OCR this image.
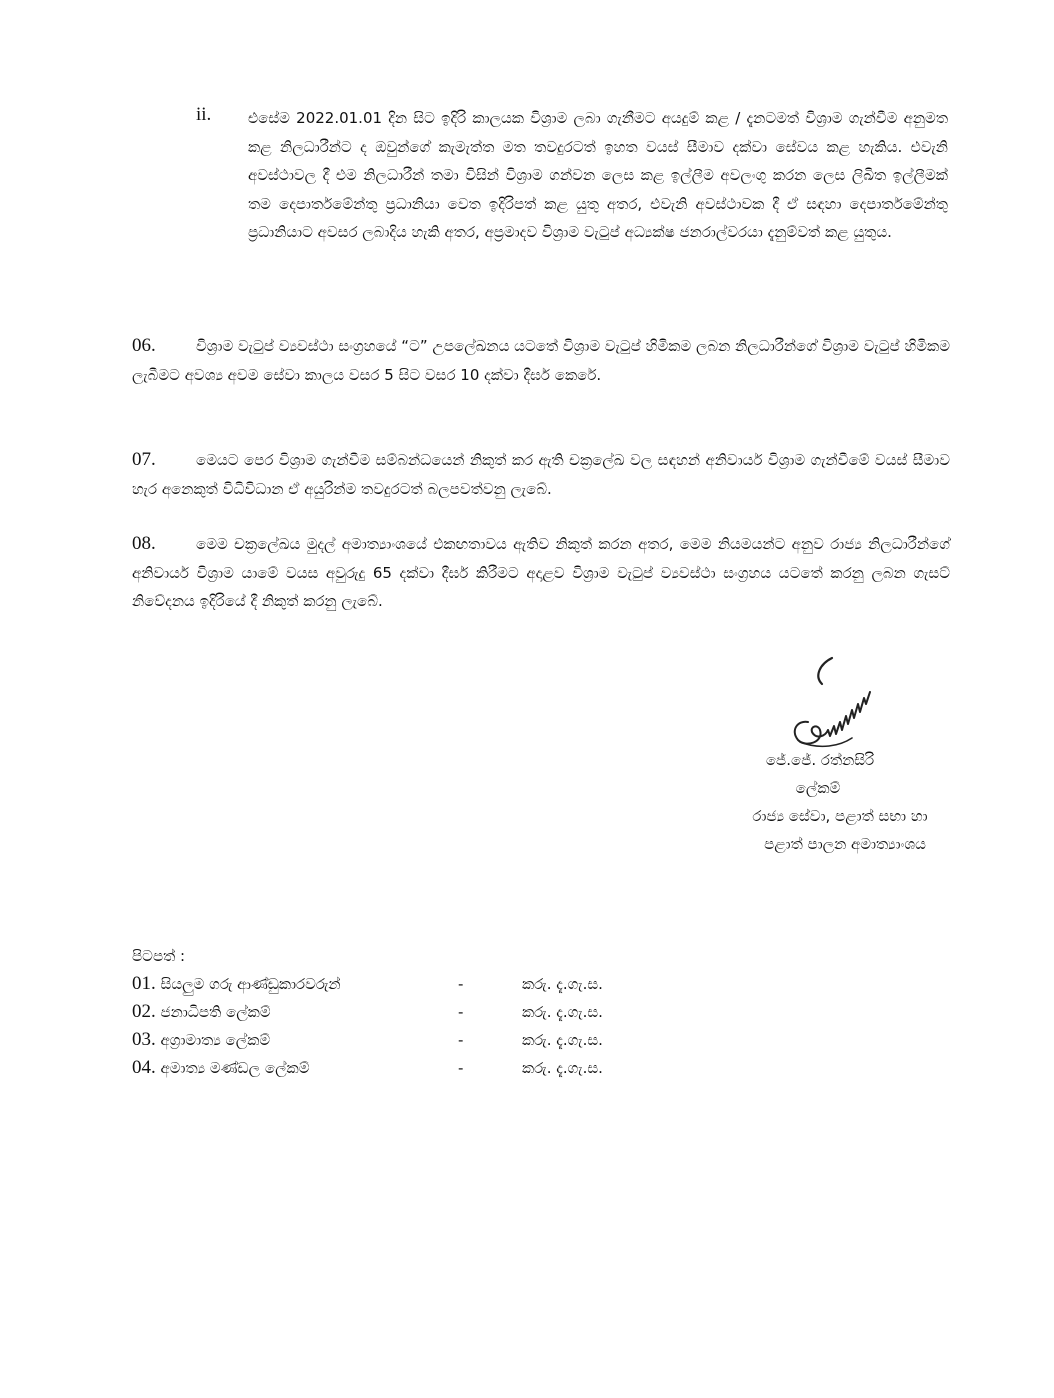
ii. එසේම 2022.01.01 දින සිට ඉදිරි කාලයක විශ්‍රාම ලබා ගැනීමට අයදුම් කළ / දැනටමත් විශ්‍රාම ගැන්වීම අනුමත කළ නිලධාරීන්ට ද ඔවුන්ගේ කැමැත්ත මත තවදුරටත් ඉහත වයස් සීමාව දක්වා සේවය කළ හැකිය. එවැනි අවස්ථාවල දී එම නිලධාරීන් තමා විසින් විශ්‍රාම ගන්වන ලෙස කළ ඉල්ලීම අවලංගු කරන ලෙස ලිඛිත ඉල්ලීමක් තම දෙපාර්තමේන්තු ප්‍රධානියා වෙත ඉදිරිපත් කළ යුතු අතර, එවැනි අවස්ථාවක දී ඒ සඳහා දෙපාර්තමේන්තු ප්‍රධානියාට අවසර ලබාදිය හැකි අතර, අප්‍රමාදව විශ්‍රාම වැටුප් අධ්‍යක්ෂ ජනරාල්වරයා දැනුම්වත් කළ යුතුය.
06.	විශ්‍රාම වැටුප් ව්‍යවස්ථා සංග්‍රහයේ “ට” උපලේඛනය යටතේ විශ්‍රාම වැටුප් හිමිකම ලබන නිලධාරීන්ගේ විශ්‍රාම වැටුප් හිමිකම ලැබීමට අවශ්‍ය අවම සේවා කාලය වසර 5 සිට වසර 10 දක්වා දීර්ඝ කෙරේ.
07.	මෙයට පෙර විශ්‍රාම ගැන්වීම සම්බන්ධයෙන් නිකුත් කර ඇති චක්‍රලේඛ වල සඳහන් අනිවාර්ය විශ්‍රාම ගැන්වීමේ වයස් සීමාව හැර අනෙකුත් විධිවිධාන ඒ අයුරින්ම තවදුරටත් බලපවත්වනු ලැබේ.
08.	මෙම චක්‍රලේඛය මුදල් අමාත්‍යාංශයේ එකඟතාවය ඇතිව නිකුත් කරන අතර, මෙම නියමයන්ට අනුව රාජ්‍ය නිලධාරීන්ගේ අනිවාර්ය විශ්‍රාම යාමේ වයස අවුරුදු 65 දක්වා දීර්ඝ කිරීමට අදාළව විශ්‍රාම වැටුප් ව්‍යවස්ථා සංග්‍රහය යටතේ කරනු ලබන ගැසට් නිවේදනය ඉදිරියේ දී නිකුත් කරනු ලැබේ.
ජේ.ජේ. රත්නසිරි
ලේකම්
රාජ්‍ය සේවා, පළාත් සභා හා
පළාත් පාලන අමාත්‍යාංශය
පිටපත් :
01. සියලුම ගරු ආණ්ඩුකාරවරුන්	-	කරු. දැ.ගැ.ස.
02. ජනාධිපති ලේකම්	-	කරු. දැ.ගැ.ස.
03. අග්‍රාමාත්‍ය ලේකම්	-	කරු. දැ.ගැ.ස.
04. අමාත්‍ය මණ්ඩල ලේකම්	-	කරු. දැ.ගැ.ස.
